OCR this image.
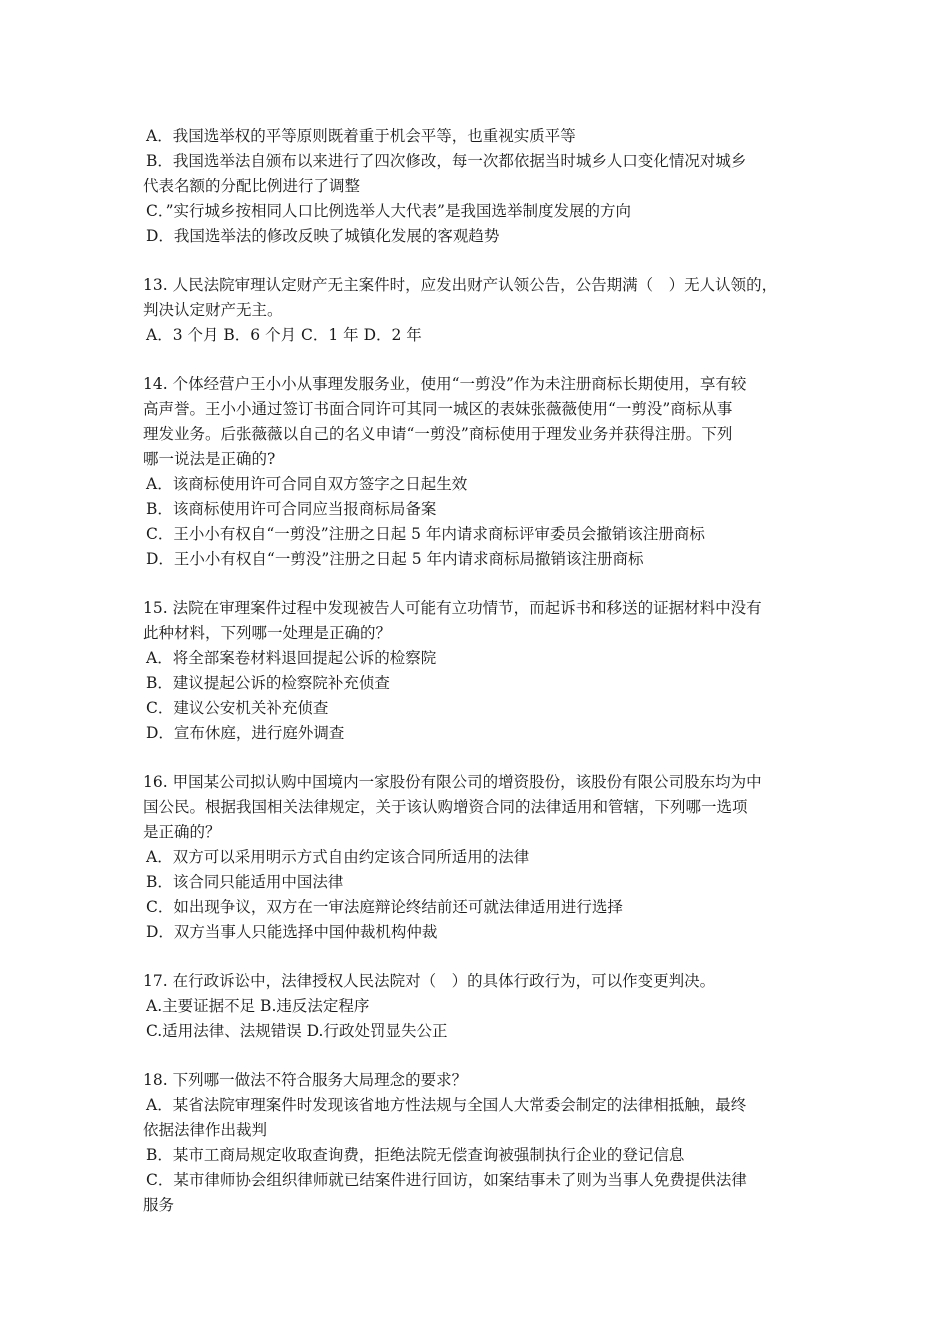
A．我国选举权的平等原则既着重于机会平等，也重视实质平等
B．我国选举法自颁布以来进行了四次修改，每一次都依据当时城乡人口变化情况对城乡
代表名额的分配比例进行了调整
C．”实行城乡按相同人口比例选举人大代表”是我国选举制度发展的方向
D．我国选举法的修改反映了城镇化发展的客观趋势
13. 人民法院审理认定财产无主案件时，应发出财产认领公告，公告期满（　）无人认领的，
判决认定财产无主。
A．3 个月 B．6 个月 C．1 年 D．2 年
14. 个体经营户王小小从事理发服务业，使用“一剪没”作为未注册商标长期使用，享有较
高声誉。王小小通过签订书面合同许可其同一城区的表妹张薇薇使用“一剪没”商标从事
理发业务。后张薇薇以自己的名义申请“一剪没”商标使用于理发业务并获得注册。下列
哪一说法是正确的?
A．该商标使用许可合同自双方签字之日起生效
B．该商标使用许可合同应当报商标局备案
C．王小小有权自“一剪没”注册之日起 5 年内请求商标评审委员会撤销该注册商标
D．王小小有权自“一剪没”注册之日起 5 年内请求商标局撤销该注册商标
15. 法院在审理案件过程中发现被告人可能有立功情节，而起诉书和移送的证据材料中没有
此种材料，下列哪一处理是正确的？
A．将全部案卷材料退回提起公诉的检察院
B．建议提起公诉的检察院补充侦查
C．建议公安机关补充侦查
D．宣布休庭，进行庭外调查
16. 甲国某公司拟认购中国境内一家股份有限公司的增资股份，该股份有限公司股东均为中
国公民。根据我国相关法律规定，关于该认购增资合同的法律适用和管辖，下列哪一选项
是正确的？
A．双方可以采用明示方式自由约定该合同所适用的法律
B．该合同只能适用中国法律
C．如出现争议，双方在一审法庭辩论终结前还可就法律适用进行选择
D．双方当事人只能选择中国仲裁机构仲裁
17. 在行政诉讼中，法律授权人民法院对（　）的具体行政行为，可以作变更判决。
A.主要证据不足 B.违反法定程序
C.适用法律、法规错误 D.行政处罚显失公正
18. 下列哪一做法不符合服务大局理念的要求？
A．某省法院审理案件时发现该省地方性法规与全国人大常委会制定的法律相抵触，最终
依据法律作出裁判
B．某市工商局规定收取查询费，拒绝法院无偿查询被强制执行企业的登记信息
C．某市律师协会组织律师就已结案件进行回访，如案结事未了则为当事人免费提供法律
服务
